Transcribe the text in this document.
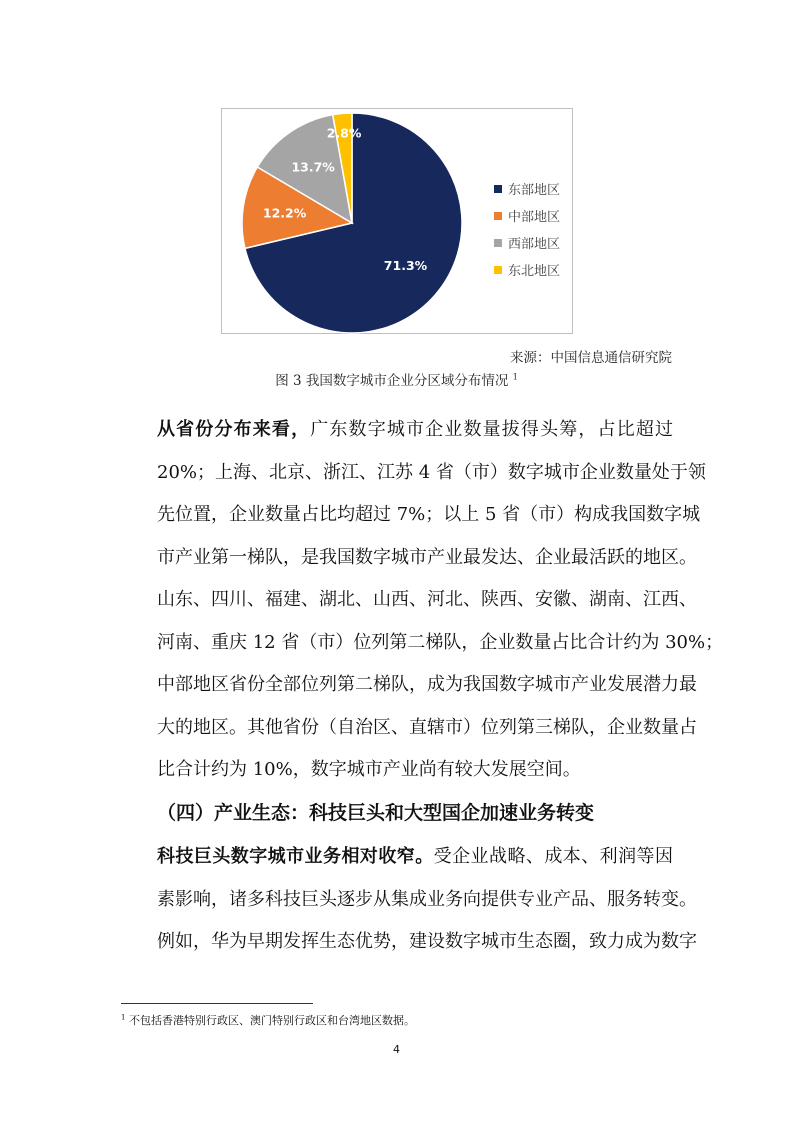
71.3%
12.2%
13.7%
2.8%
东部地区
中部地区
西部地区
东北地区
来源：中国信息通信研究院
图 3 我国数字城市企业分区域分布情况 $^1$
从省份分布来看，广东数字城市企业数量拔得头筹，占比超过
20%；上海、北京、浙江、江苏 4 省（市）数字城市企业数量处于领
先位置，企业数量占比均超过 7%；以上 5 省（市）构成我国数字城
市产业第一梯队，是我国数字城市产业最发达、企业最活跃的地区。
山东、四川、福建、湖北、山西、河北、陕西、安徽、湖南、江西、
河南、重庆 12 省（市）位列第二梯队，企业数量占比合计约为 30%；
中部地区省份全部位列第二梯队，成为我国数字城市产业发展潜力最
大的地区。其他省份（自治区、直辖市）位列第三梯队，企业数量占
比合计约为 10%，数字城市产业尚有较大发展空间。
（四）产业生态：科技巨头和大型国企加速业务转变
科技巨头数字城市业务相对收窄。受企业战略、成本、利润等因
素影响，诸多科技巨头逐步从集成业务向提供专业产品、服务转变。
例如，华为早期发挥生态优势，建设数字城市生态圈，致力成为数字
$^1$ 不包括香港特别行政区、澳门特别行政区和台湾地区数据。
4
